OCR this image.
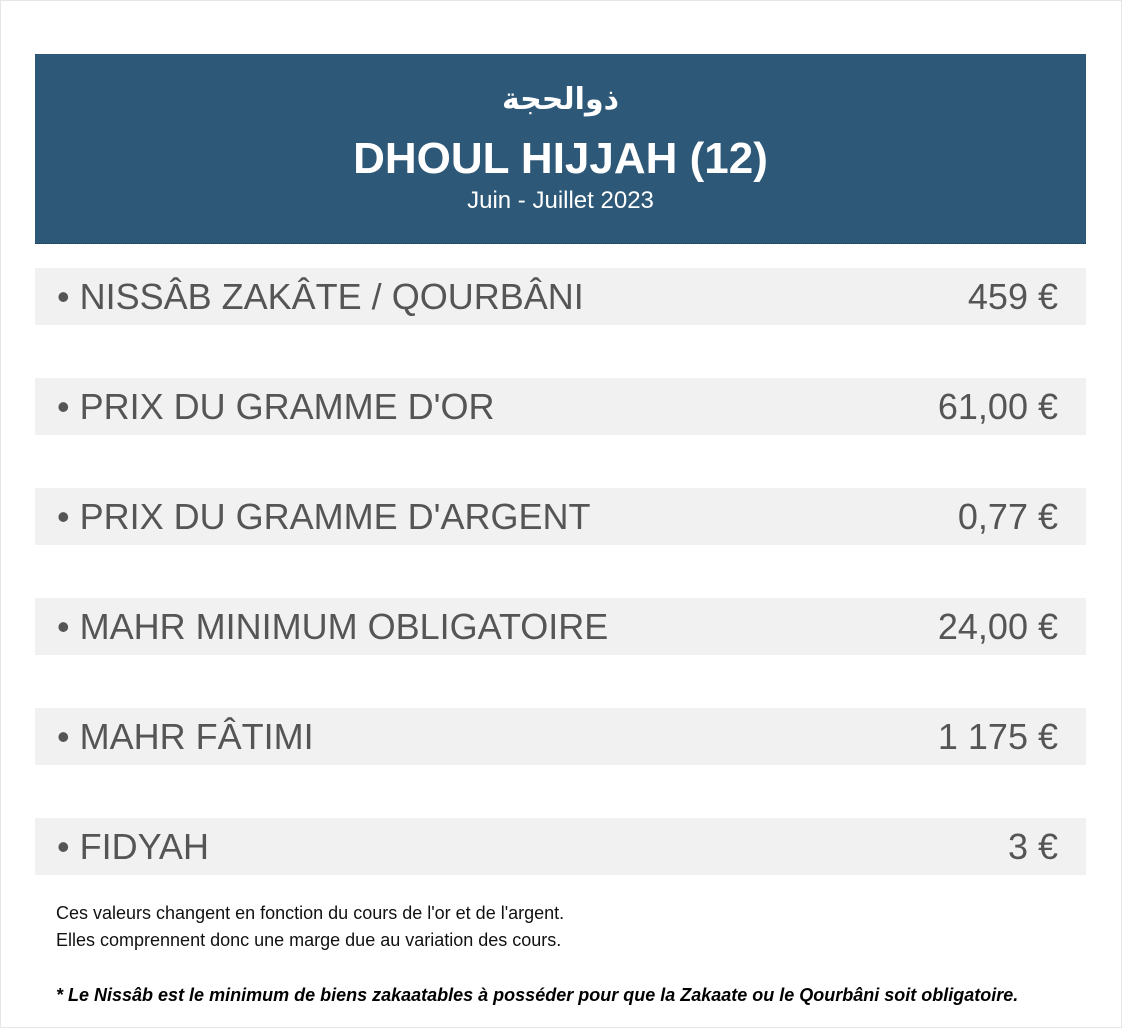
ذوالحجة
DHOUL HIJJAH (12)
Juin - Juillet 2023
• NISSÂB ZAKÂTE / QOURBÂNI	459 €
• PRIX DU GRAMME D'OR	61,00 €
• PRIX DU GRAMME D'ARGENT	0,77 €
• MAHR MINIMUM OBLIGATOIRE	24,00 €
• MAHR FÂTIMI	1 175 €
• FIDYAH	3 €
Ces valeurs changent en fonction du cours de l'or et de l'argent.
Elles comprennent donc une marge due au variation des cours.
* Le Nissâb est le minimum de biens zakaatables à posséder pour que la Zakaate ou le Qourbâni soit obligatoire.
